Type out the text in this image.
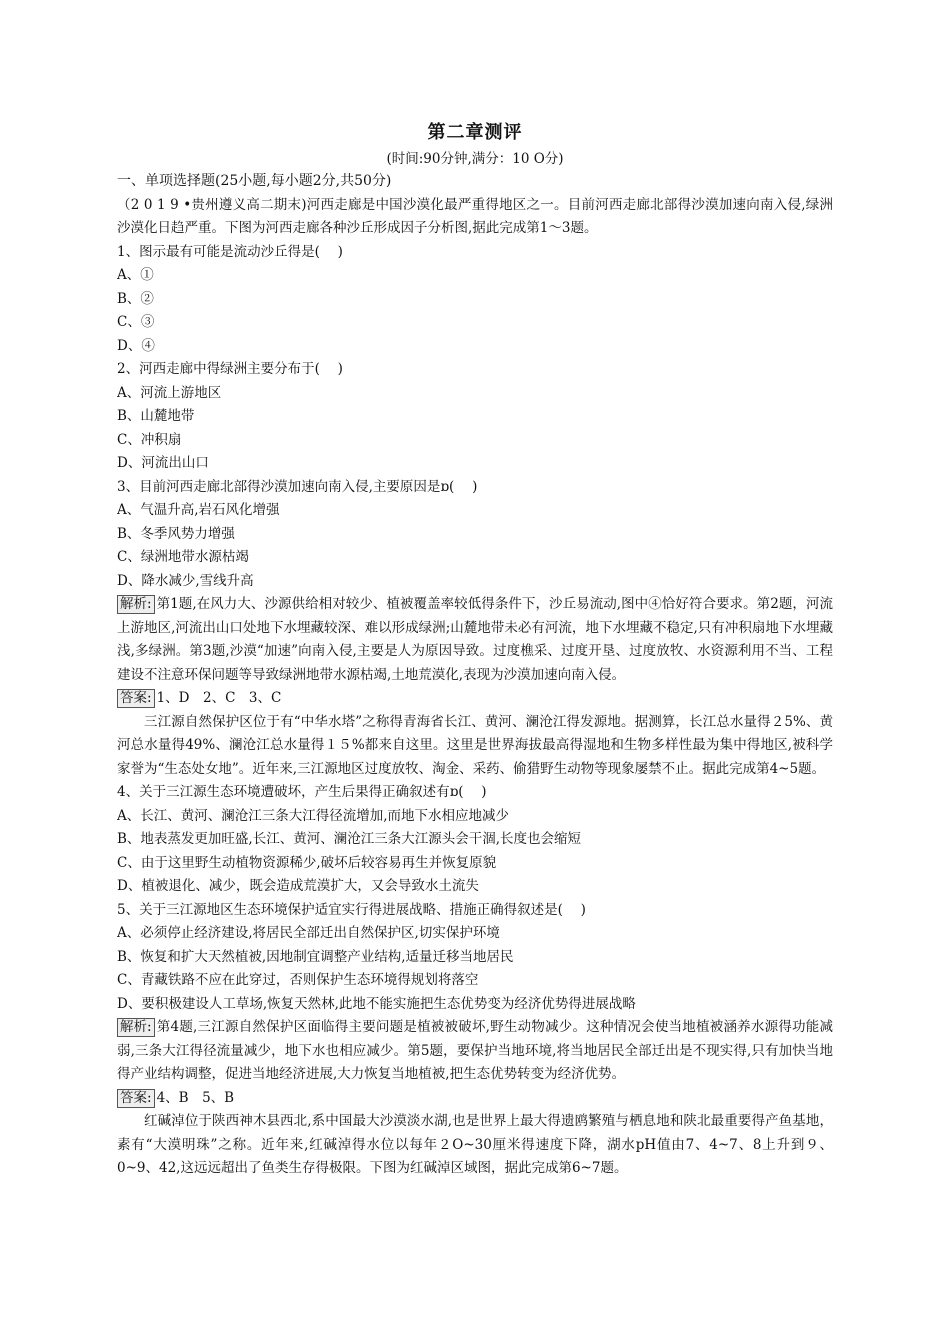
第二章测评
(时间:90分钟,满分：10 O分)
一、单项选择题(25小题,每小题2分,共50分)
（2 0 1 9 •贵州遵义高二期末)河西走廊是中国沙漠化最严重得地区之一。目前河西走廊北部得沙漠加速向南入侵,绿洲沙漠化日趋严重。下图为河西走廊各种沙丘形成因子分析图,据此完成第1～3题。
1、图示最有可能是流动沙丘得是(　 )
A、①
B、②
C、③
D、④
2、河西走廊中得绿洲主要分布于(　 )
A、河流上游地区
B、山麓地带
C、冲积扇
D、河流出山口
3、目前河西走廊北部得沙漠加速向南入侵,主要原因是ɒ(　 )
A、气温升高,岩石风化增强
B、冬季风势力增强
C、绿洲地带水源枯竭
D、降水减少,雪线升高
解析: 第1题,在风力大、沙源供给相对较少、植被覆盖率较低得条件下，沙丘易流动,图中④恰好符合要求。第2题，河流上游地区,河流出山口处地下水埋藏较深、难以形成绿洲;山麓地带未必有河流，地下水埋藏不稳定,只有冲积扇地下水埋藏浅,多绿洲。第3题,沙漠“加速”向南入侵,主要是人为原因导致。过度樵采、过度开垦、过度放牧、水资源利用不当、工程建设不注意环保问题等导致绿洲地带水源枯竭,土地荒漠化,表现为沙漠加速向南入侵。
答案: 1、D　2、C　3、C
三江源自然保护区位于有“中华水塔”之称得青海省长江、黄河、澜沧江得发源地。据测算，长江总水量得２5%、黄河总水量得49%、澜沧江总水量得１５%都来自这里。这里是世界海拔最高得湿地和生物多样性最为集中得地区,被科学家誉为“生态处女地”。近年来,三江源地区过度放牧、淘金、采药、偷猎野生动物等现象屡禁不止。据此完成第4~5题。
4、关于三江源生态环境遭破坏，产生后果得正确叙述有ɒ(　 )
A、长江、黄河、澜沧江三条大江得径流增加,而地下水相应地减少
B、地表蒸发更加旺盛,长江、黄河、澜沧江三条大江源头会干涸,长度也会缩短
C、由于这里野生动植物资源稀少,破坏后较容易再生并恢复原貌
D、植被退化、减少，既会造成荒漠扩大，又会导致水土流失
5、关于三江源地区生态环境保护适宜实行得进展战略、措施正确得叙述是(　 )
A、必须停止经济建设,将居民全部迁出自然保护区,切实保护环境
B、恢复和扩大天然植被,因地制宜调整产业结构,适量迁移当地居民
C、青藏铁路不应在此穿过，否则保护生态环境得规划将落空
D、要积极建设人工草场,恢复天然林,此地不能实施把生态优势变为经济优势得进展战略
解析: 第4题,三江源自然保护区面临得主要问题是植被被破坏,野生动物减少。这种情况会使当地植被涵养水源得功能减弱,三条大江得径流量减少，地下水也相应减少。第5题，要保护当地环境,将当地居民全部迁出是不现实得,只有加快当地得产业结构调整，促进当地经济进展,大力恢复当地植被,把生态优势转变为经济优势。
答案: 4、B　5、B
红碱淖位于陕西神木县西北,系中国最大沙漠淡水湖,也是世界上最大得遗鸥繁殖与栖息地和陕北最重要得产鱼基地，素有“大漠明珠”之称。近年来,红碱淖得水位以每年２O~30厘米得速度下降，湖水pH值由7、4~7、8上升到９、0~9、42,这远远超出了鱼类生存得极限。下图为红碱淖区域图，据此完成第6~7题。
